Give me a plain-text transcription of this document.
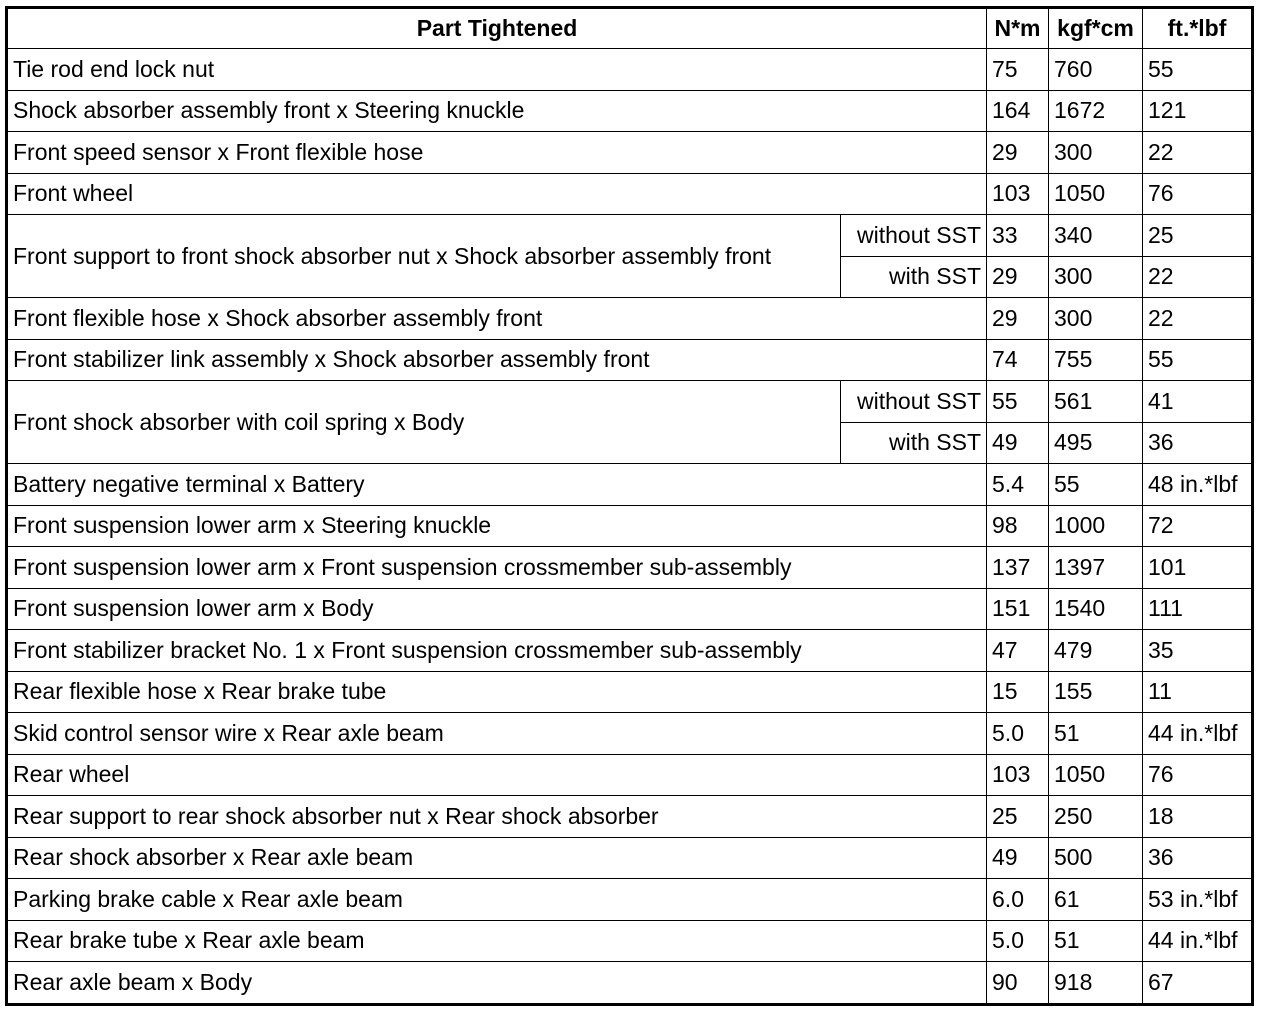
Part Tightened		N*m	kgf*cm	ft.*lbf
Tie rod end lock nut		75	760	55
Shock absorber assembly front x Steering knuckle		164	1672	121
Front speed sensor x Front flexible hose		29	300	22
Front wheel		103	1050	76
Front support to front shock absorber nut x Shock absorber assembly front	without SST	33	340	25
	with SST	29	300	22
Front flexible hose x Shock absorber assembly front		29	300	22
Front stabilizer link assembly x Shock absorber assembly front		74	755	55
Front shock absorber with coil spring x Body	without SST	55	561	41
	with SST	49	495	36
Battery negative terminal x Battery		5.4	55	48 in.*lbf
Front suspension lower arm x Steering knuckle		98	1000	72
Front suspension lower arm x Front suspension crossmember sub-assembly		137	1397	101
Front suspension lower arm x Body		151	1540	111
Front stabilizer bracket No. 1 x Front suspension crossmember sub-assembly		47	479	35
Rear flexible hose x Rear brake tube		15	155	11
Skid control sensor wire x Rear axle beam		5.0	51	44 in.*lbf
Rear wheel		103	1050	76
Rear support to rear shock absorber nut x Rear shock absorber		25	250	18
Rear shock absorber x Rear axle beam		49	500	36
Parking brake cable x Rear axle beam		6.0	61	53 in.*lbf
Rear brake tube x Rear axle beam		5.0	51	44 in.*lbf
Rear axle beam x Body		90	918	67
